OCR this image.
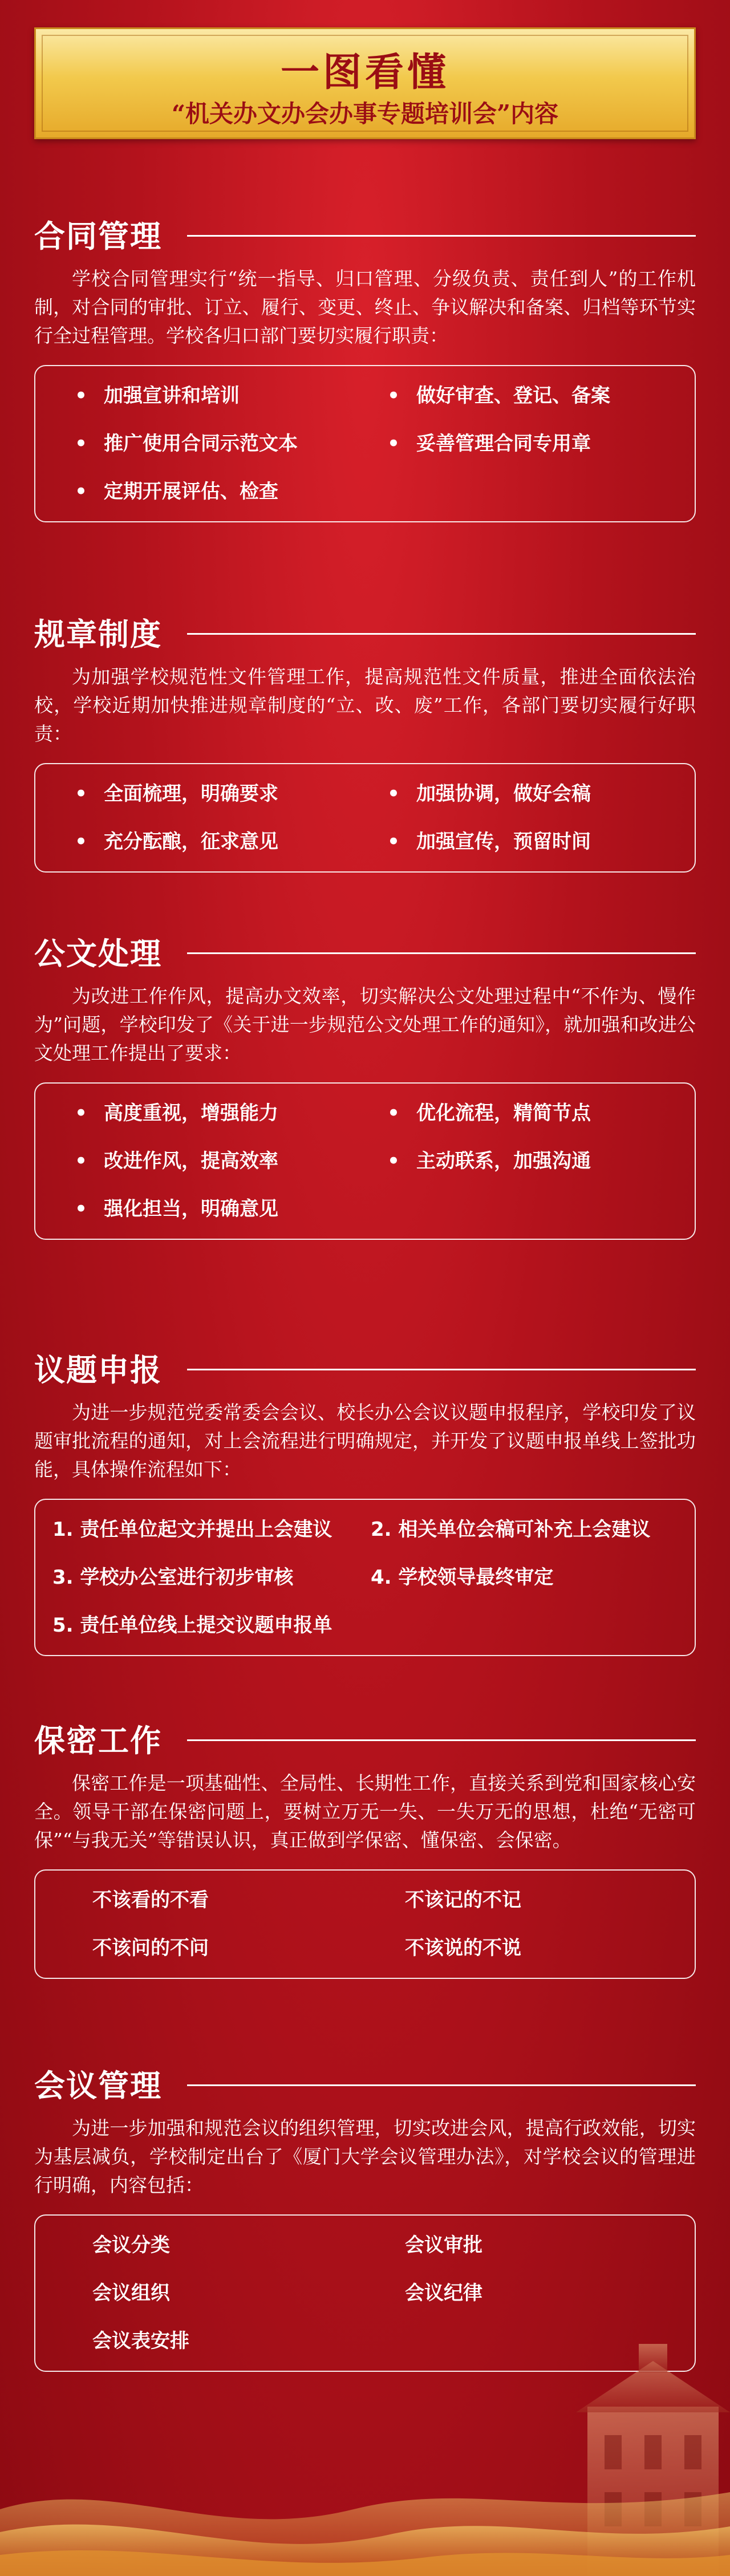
一图看懂
“机关办文办会办事专题培训会”内容
合同管理

学校合同管理实行“统一指导、归口管理、分级负责、责任到人”的工作机制，对合同的审批、订立、履行、变更、终止、争议解决和备案、归档等环节实行全过程管理。学校各归口部门要切实履行职责：

• 加强宣讲和培训	• 做好审查、登记、备案
• 推广使用合同示范文本	• 妥善管理合同专用章
• 定期开展评估、检查
规章制度

为加强学校规范性文件管理工作，提高规范性文件质量，推进全面依法治校，学校近期加快推进规章制度的“立、改、废”工作，各部门要切实履行好职责：

• 全面梳理，明确要求	• 加强协调，做好会稿
• 充分酝酿，征求意见	• 加强宣传，预留时间
公文处理

为改进工作作风，提高办文效率，切实解决公文处理过程中“不作为、慢作为”问题，学校印发了《关于进一步规范公文处理工作的通知》，就加强和改进公文处理工作提出了要求：

• 高度重视，增强能力	• 优化流程，精简节点
• 改进作风，提高效率	• 主动联系，加强沟通
• 强化担当，明确意见
议题申报

为进一步规范党委常委会会议、校长办公会议议题申报程序，学校印发了议题审批流程的通知，对上会流程进行明确规定，并开发了议题申报单线上签批功能，具体操作流程如下：

1. 责任单位起文并提出上会建议	2. 相关单位会稿可补充上会建议
3. 学校办公室进行初步审核	4. 学校领导最终审定
5. 责任单位线上提交议题申报单
保密工作

保密工作是一项基础性、全局性、长期性工作，直接关系到党和国家核心安全。领导干部在保密问题上，要树立万无一失、一失万无的思想，杜绝“无密可保”“与我无关”等错误认识，真正做到学保密、懂保密、会保密。

不该看的不看	不该记的不记
不该问的不问	不该说的不说
会议管理

为进一步加强和规范会议的组织管理，切实改进会风，提高行政效能，切实为基层减负，学校制定出台了《厦门大学会议管理办法》，对学校会议的管理进行明确，内容包括：

会议分类	会议审批
会议组织	会议纪律
会议表安排
